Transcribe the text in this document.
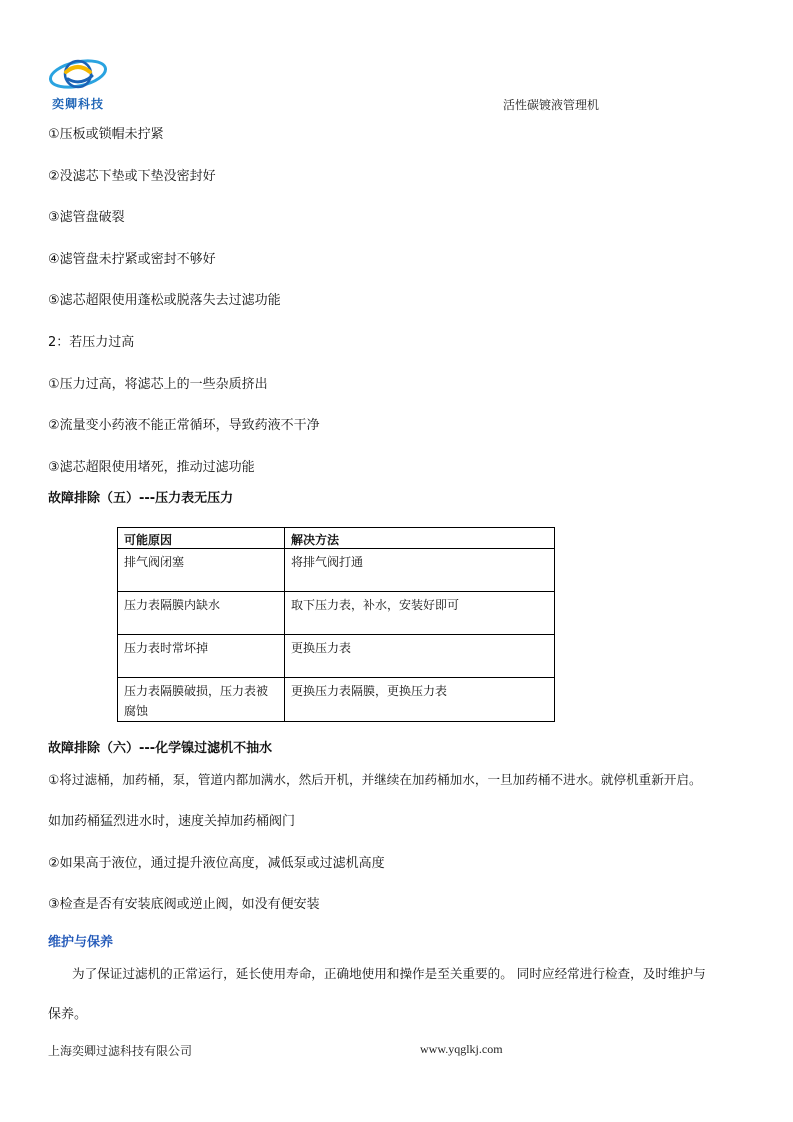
奕卿科技	活性碳镀液管理机
①压板或锁帽未拧紧
②没滤芯下垫或下垫没密封好
③滤管盘破裂
④滤管盘未拧紧或密封不够好
⑤滤芯超限使用蓬松或脱落失去过滤功能
2：若压力过高
①压力过高，将滤芯上的一些杂质挤出
②流量变小药液不能正常循环，导致药液不干净
③滤芯超限使用堵死，推动过滤功能
故障排除（五）---压力表无压力
可能原因	解决方法
排气阀闭塞	将排气阀打通
压力表隔膜内缺水	取下压力表，补水，安装好即可
压力表时常坏掉	更换压力表
压力表隔膜破损，压力表被腐蚀	更换压力表隔膜，更换压力表
故障排除（六）---化学镍过滤机不抽水
①将过滤桶，加药桶，泵，管道内都加满水，然后开机，并继续在加药桶加水，一旦加药桶不进水。就停机重新开启。
如加药桶猛烈进水时，速度关掉加药桶阀门
②如果高于液位，通过提升液位高度，减低泵或过滤机高度
③检查是否有安装底阀或逆止阀，如没有便安装
维护与保养
为了保证过滤机的正常运行，延长使用寿命，正确地使用和操作是至关重要的。 同时应经常进行检查，及时维护与
保养。
上海奕卿过滤科技有限公司	www.yqglkj.com
